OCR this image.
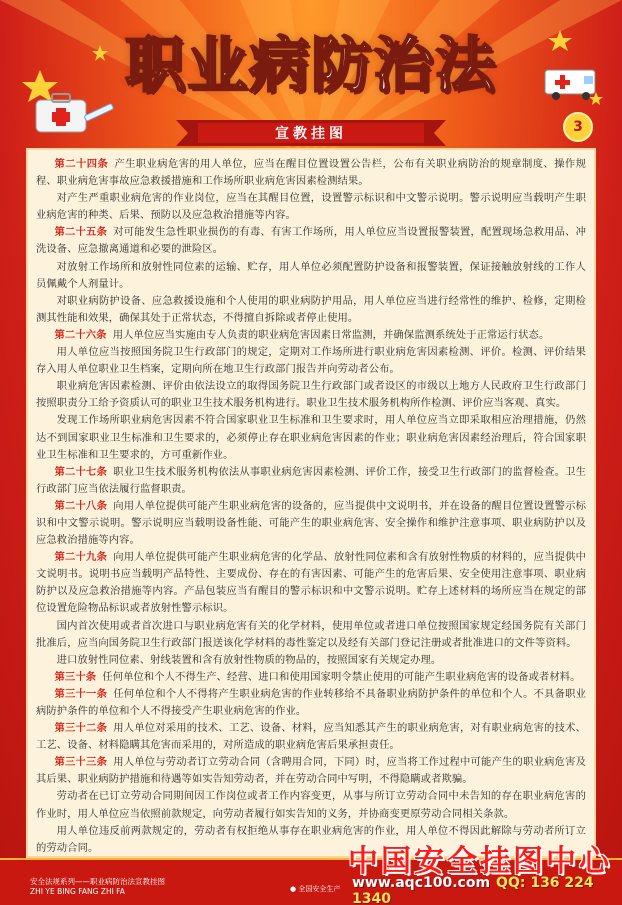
职业病防治法
宣教挂图	3

第二十四条 产生职业病危害的用人单位，应当在醒目位置设置公告栏，公布有关职业病防治的规章制度、操作规程、职业病危害事故应急救援措施和工作场所职业病危害因素检测结果。

对产生严重职业病危害的作业岗位，应当在其醒目位置，设置警示标识和中文警示说明。警示说明应当载明产生职业病危害的种类、后果、预防以及应急救治措施等内容。

第二十五条 对可能发生急性职业损伤的有毒、有害工作场所，用人单位应当设置报警装置，配置现场急救用品、冲洗设备、应急撤离通道和必要的泄险区。

对放射工作场所和放射性同位素的运输、贮存，用人单位必须配置防护设备和报警装置，保证接触放射线的工作人员佩戴个人剂量计。

对职业病防护设备、应急救援设施和个人使用的职业病防护用品，用人单位应当进行经常性的维护、检修，定期检测其性能和效果，确保其处于正常状态，不得擅自拆除或者停止使用。

第二十六条 用人单位应当实施由专人负责的职业病危害因素日常监测，并确保监测系统处于正常运行状态。

用人单位应当按照国务院卫生行政部门的规定，定期对工作场所进行职业病危害因素检测、评价。检测、评价结果存入用人单位职业卫生档案，定期向所在地卫生行政部门报告并向劳动者公布。

职业病危害因素检测、评价由依法设立的取得国务院卫生行政部门或者设区的市级以上地方人民政府卫生行政部门按照职责分工给予资质认可的职业卫生技术服务机构进行。职业卫生技术服务机构所作检测、评价应当客观、真实。

发现工作场所职业病危害因素不符合国家职业卫生标准和卫生要求时，用人单位应当立即采取相应治理措施，仍然达不到国家职业卫生标准和卫生要求的，必须停止存在职业病危害因素的作业；职业病危害因素经治理后，符合国家职业卫生标准和卫生要求的，方可重新作业。

第二十七条 职业卫生技术服务机构依法从事职业病危害因素检测、评价工作，接受卫生行政部门的监督检查。卫生行政部门应当依法履行监督职责。

第二十八条 向用人单位提供可能产生职业病危害的设备的，应当提供中文说明书，并在设备的醒目位置设置警示标识和中文警示说明。警示说明应当载明设备性能、可能产生的职业病危害、安全操作和维护注意事项、职业病防护以及应急救治措施等内容。

第二十九条 向用人单位提供可能产生职业病危害的化学品、放射性同位素和含有放射性物质的材料的，应当提供中文说明书。说明书应当载明产品特性、主要成份、存在的有害因素、可能产生的危害后果、安全使用注意事项、职业病防护以及应急救治措施等内容。产品包装应当有醒目的警示标识和中文警示说明。贮存上述材料的场所应当在规定的部位设置危险物品标识或者放射性警示标识。

国内首次使用或者首次进口与职业病危害有关的化学材料，使用单位或者进口单位按照国家规定经国务院有关部门批准后，应当向国务院卫生行政部门报送该化学材料的毒性鉴定以及经有关部门登记注册或者批准进口的文件等资料。

进口放射性同位素、射线装置和含有放射性物质的物品的，按照国家有关规定办理。

第三十条 任何单位和个人不得生产、经营、进口和使用国家明令禁止使用的可能产生职业病危害的设备或者材料。

第三十一条 任何单位和个人不得将产生职业病危害的作业转移给不具备职业病防护条件的单位和个人。不具备职业病防护条件的单位和个人不得接受产生职业病危害的作业。

第三十二条 用人单位对采用的技术、工艺、设备、材料，应当知悉其产生的职业病危害，对有职业病危害的技术、工艺、设备、材料隐瞒其危害而采用的，对所造成的职业病危害后果承担责任。

第三十三条 用人单位与劳动者订立劳动合同（含聘用合同，下同）时，应当将工作过程中可能产生的职业病危害及其后果、职业病防护措施和待遇等如实告知劳动者，并在劳动合同中写明，不得隐瞒或者欺骗。

劳动者在已订立劳动合同期间因工作岗位或者工作内容变更，从事与所订立劳动合同中未告知的存在职业病危害的作业时，用人单位应当依照前款规定，向劳动者履行如实告知的义务，并协商变更原劳动合同相关条款。

用人单位违反前两款规定的，劳动者有权拒绝从事存在职业病危害的作业，用人单位不得因此解除与劳动者所订立的劳动合同。

安全法规系列——职业病防治法宣教挂图
ZHI YE BING FANG ZHI FA	● 全国安全生产
中国安全挂图中心
www.aqc100.com QQ: 136 224 1340
